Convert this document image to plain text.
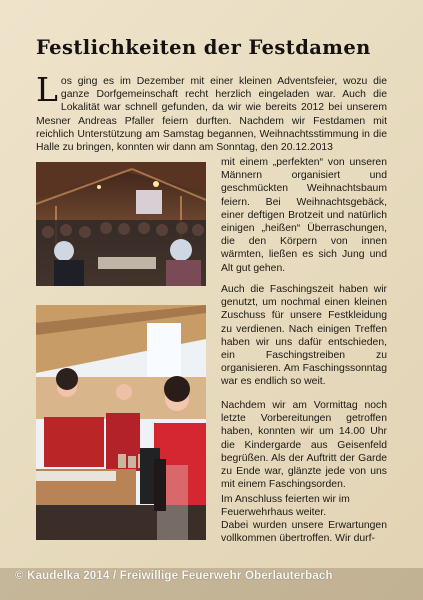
Festlichkeiten der Festdamen
Los ging es im Dezember mit einer kleinen Adventsfeier, wozu die ganze Dorfgemeinschaft recht herzlich eingeladen war. Auch die Lokalität war schnell gefunden, da wir wie bereits 2012 bei unserem Mesner Andreas Pfaller feiern durften. Nachdem wir Festdamen mit reichlich Unterstützung am Samstag begannen, Weihnachtsstimmung in die Halle zu bringen, konnten wir dann am Sonntag, den 20.12.2013
mit einem „perfekten“ von unseren Männern organisiert und geschmückten Weihnachtsbaum feiern. Bei Weihnachtsgebäck, einer deftigen Brotzeit und natürlich einigen „heißen“ Überraschungen, die den Körpern von innen wärmten, ließen es sich Jung und Alt gut gehen.
Auch die Faschingszeit haben wir genutzt, um nochmal einen kleinen Zuschuss für unsere Festkleidung zu verdienen. Nach einigen Treffen haben wir uns dafür entschieden, ein Faschingstreiben zu organisieren. Am Faschingssonntag war es endlich so weit.
Nachdem wir am Vormittag noch letzte Vorbereitungen getroffen haben, konnten wir um 14.00 Uhr die Kindergarde aus Geisenfeld begrüßen. Als der Auftritt der Garde zu Ende war, glänzte jede von uns mit einem Faschingsorden.
Im Anschluss feierten wir im Feuerwehrhaus weiter.
Dabei wurden unsere Erwartungen vollkommen übertroffen. Wir durf-
© Kaudelka 2014 / Freiwillige Feuerwehr Oberlauterbach
